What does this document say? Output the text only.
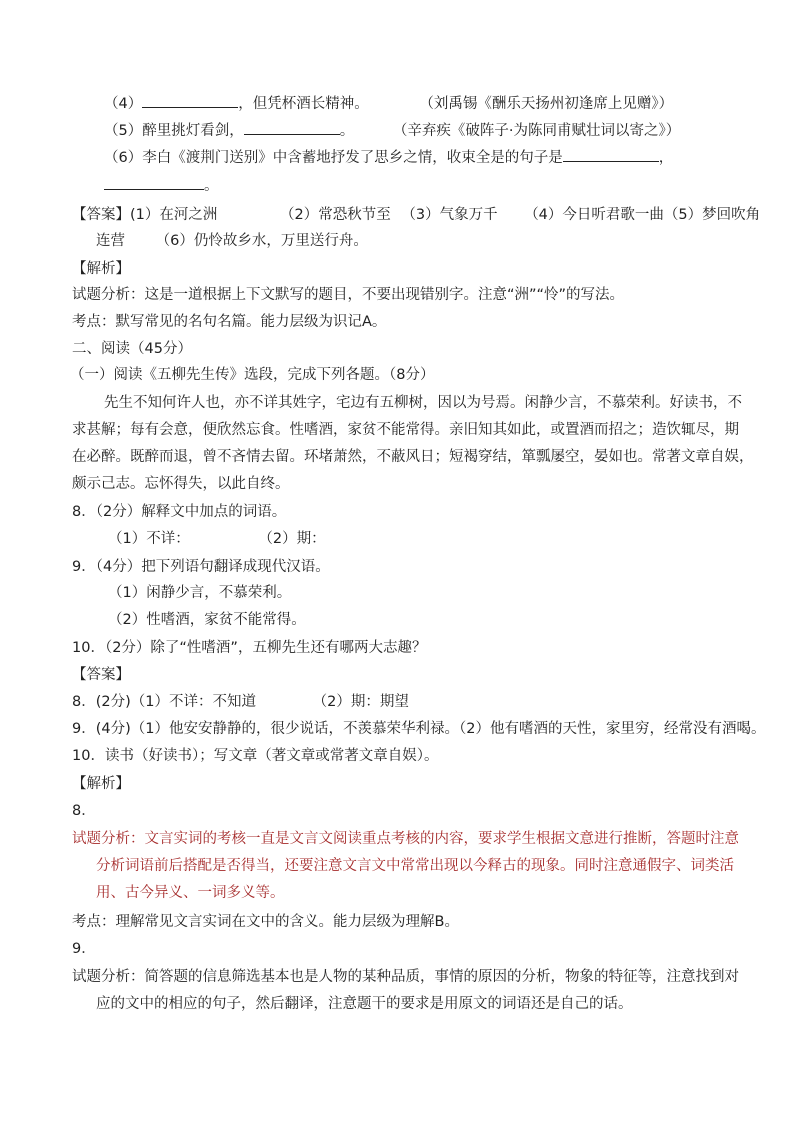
（4）	，但凭杯酒长精神。	（刘禹锡《酬乐天扬州初逢席上见赠》）
（5）醉里挑灯看剑，	。	（辛弃疾《破阵子·为陈同甫赋壮词以寄之》）
（6）李白《渡荆门送别》中含蓄地抒发了思乡之情，收束全是的句子是	，
。
【答案】(1）在河之洲	（2）常恐秋节至 （3）气象万千 （4）今日听君歌一曲（5）梦回吹角
连营 （6）仍怜故乡水，万里送行舟。
【解析】
试题分析：这是一道根据上下文默写的题目，不要出现错别字。注意“洲”“怜”的写法。
考点：默写常见的名句名篇。能力层级为识记A。
二、阅读（45分）
（一）阅读《五柳先生传》选段，完成下列各题。（8分）
先生不知何许人也，亦不详其姓字，宅边有五柳树，因以为号焉。闲静少言，不慕荣利。好读书，不
求甚解；每有会意，便欣然忘食。性嗜酒，家贫不能常得。亲旧知其如此，或置酒而招之；造饮辄尽，期
在必醉。既醉而退，曾不吝情去留。环堵萧然，不蔽风日；短褐穿结，箪瓢屡空，晏如也。常著文章自娱，
颇示己志。忘怀得失，以此自终。
8．（2分）解释文中加点的词语。
（1）不详：	（2）期：
9．（4分）把下列语句翻译成现代汉语。
（1）闲静少言，不慕荣利。
（2）性嗜酒，家贫不能常得。
10．（2分）除了“性嗜酒”，五柳先生还有哪两大志趣？
【答案】
8．(2分)（1）不详：不知道	（2）期：期望
9．(4分)（1）他安安静静的，很少说话，不羡慕荣华利禄。（2）他有嗜酒的天性，家里穷，经常没有酒喝。
10．读书（好读书）；写文章（著文章或常著文章自娱）。
【解析】
8．
试题分析：文言实词的考核一直是文言文阅读重点考核的内容，要求学生根据文意进行推断，答题时注意
分析词语前后搭配是否得当，还要注意文言文中常常出现以今释古的现象。同时注意通假字、词类活
用、古今异义、一词多义等。
考点：理解常见文言实词在文中的含义。能力层级为理解B。
9．
试题分析：简答题的信息筛选基本也是人物的某种品质，事情的原因的分析，物象的特征等，注意找到对
应的文中的相应的句子，然后翻译，注意题干的要求是用原文的词语还是自己的话。
